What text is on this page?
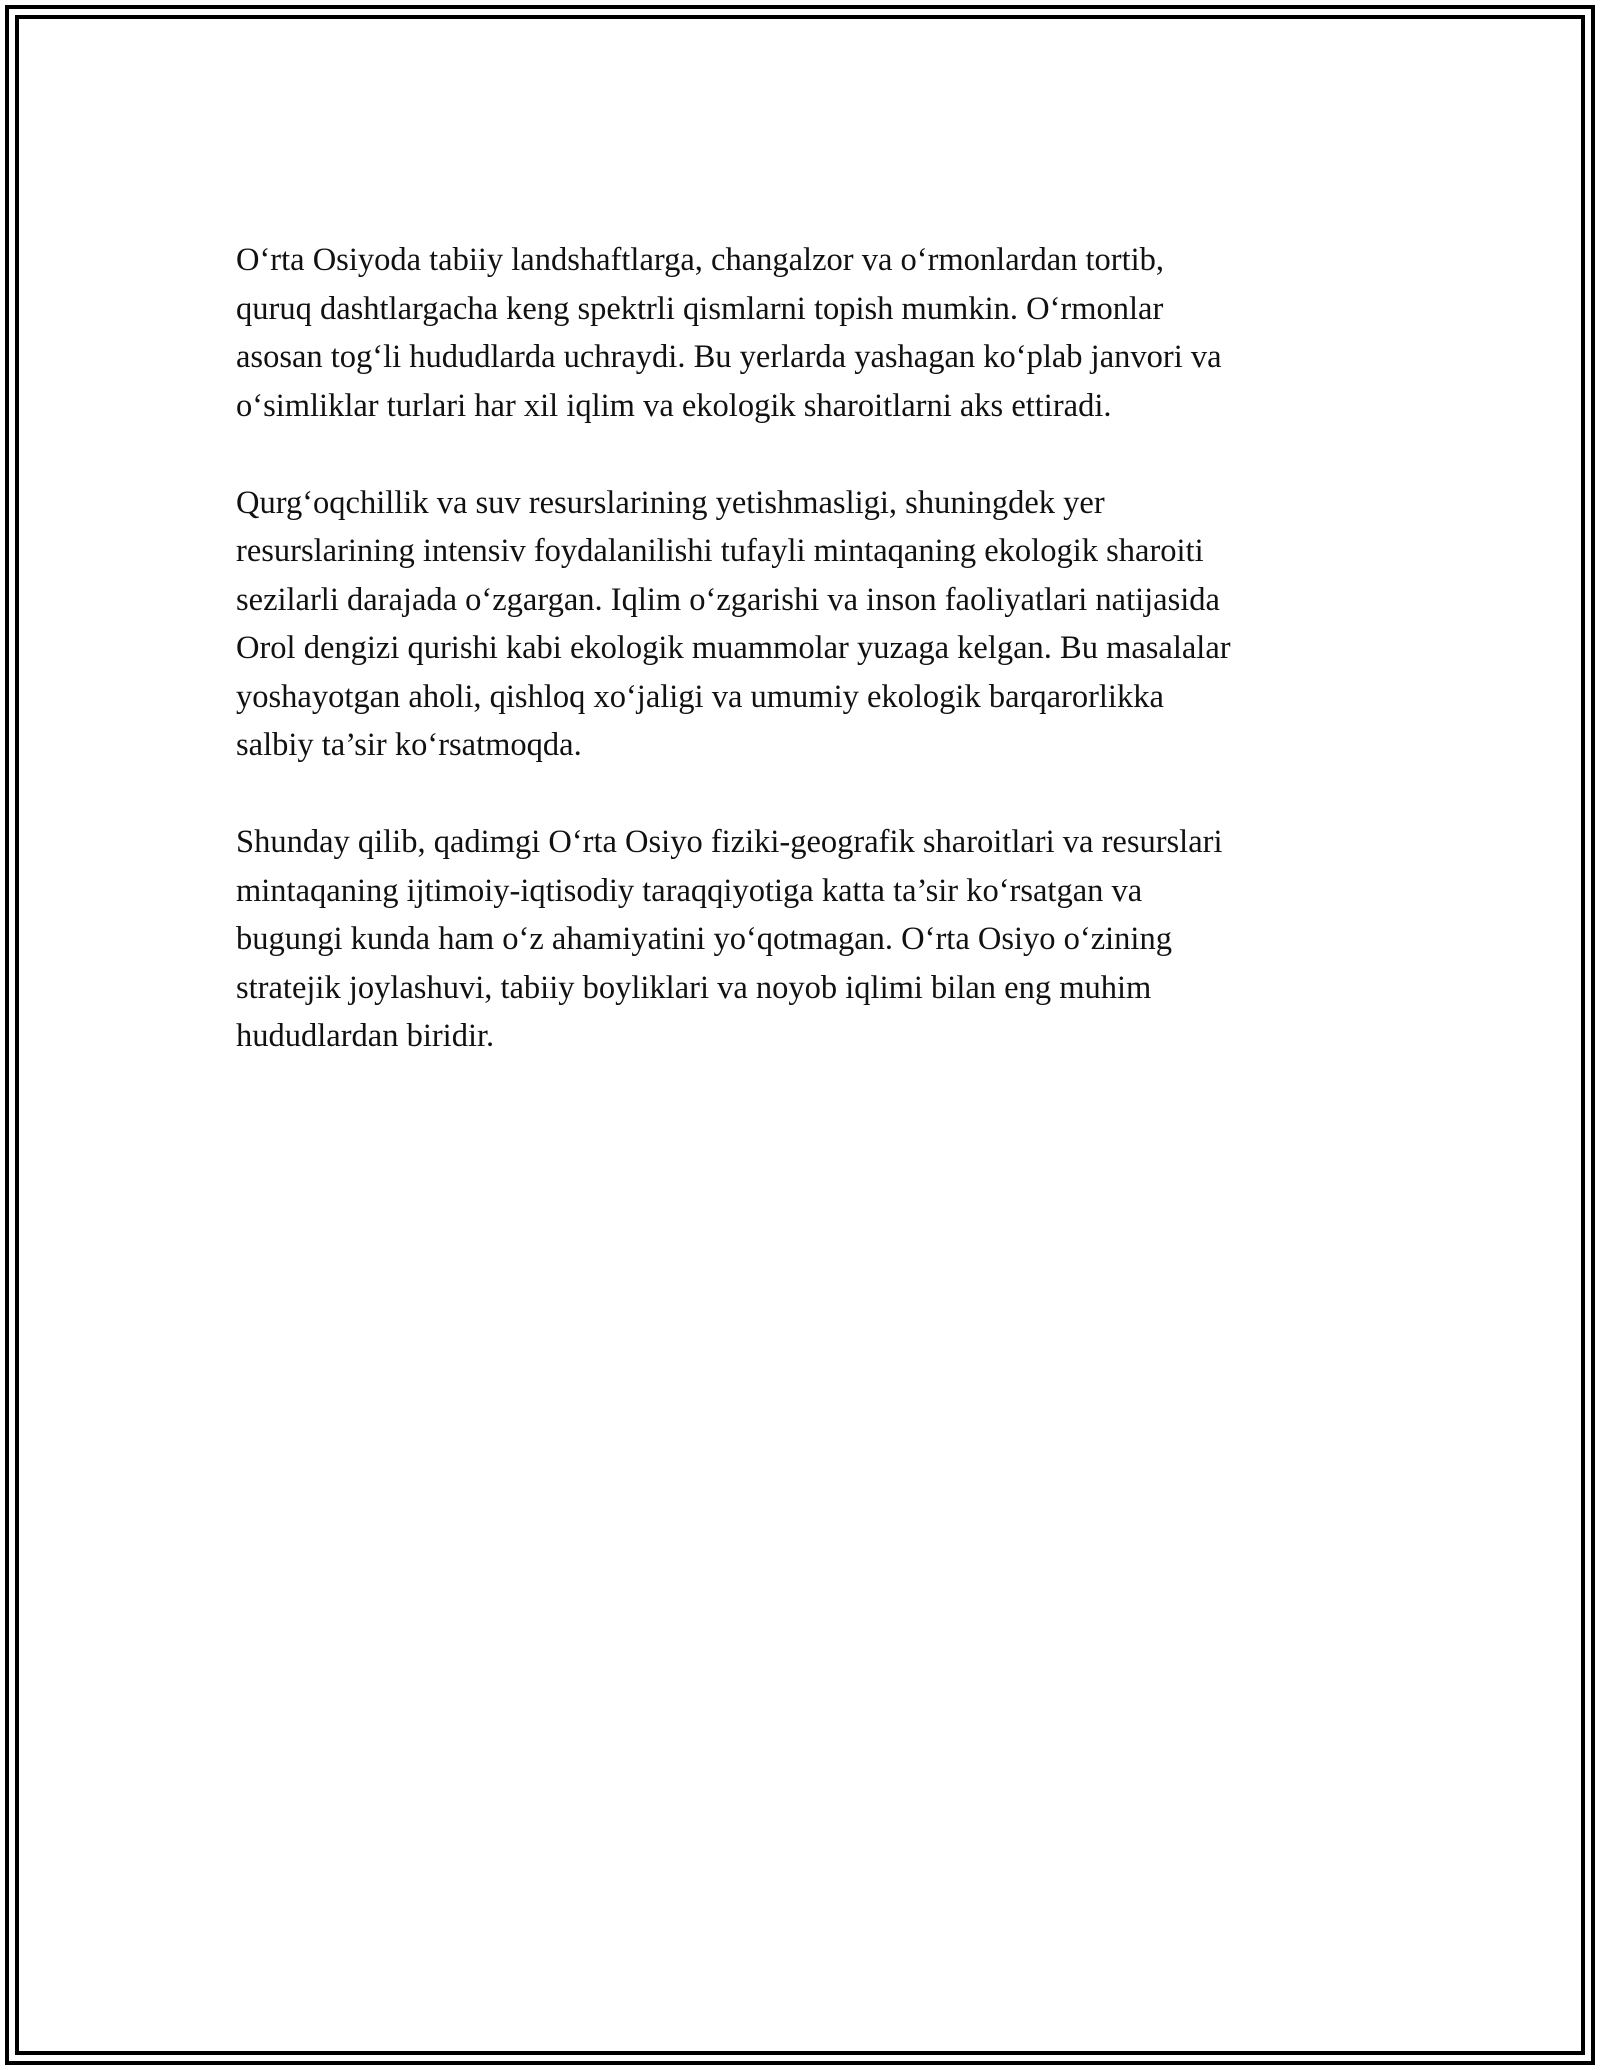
O‘rta Osiyoda tabiiy landshaftlarga, changalzor va o‘rmonlardan tortib,
quruq dashtlargacha keng spektrli qismlarni topish mumkin. O‘rmonlar
asosan tog‘li hududlarda uchraydi. Bu yerlarda yashagan ko‘plab janvori va
o‘simliklar turlari har xil iqlim va ekologik sharoitlarni aks ettiradi.

Qurg‘oqchillik va suv resurslarining yetishmasligi, shuningdek yer
resurslarining intensiv foydalanilishi tufayli mintaqaning ekologik sharoiti
sezilarli darajada o‘zgargan. Iqlim o‘zgarishi va inson faoliyatlari natijasida
Orol dengizi qurishi kabi ekologik muammolar yuzaga kelgan. Bu masalalar
yoshayotgan aholi, qishloq xo‘jaligi va umumiy ekologik barqarorlikka
salbiy ta’sir ko‘rsatmoqda.

Shunday qilib, qadimgi O‘rta Osiyo fiziki-geografik sharoitlari va resurslari
mintaqaning ijtimoiy-iqtisodiy taraqqiyotiga katta ta’sir ko‘rsatgan va
bugungi kunda ham o‘z ahamiyatini yo‘qotmagan. O‘rta Osiyo o‘zining
stratejik joylashuvi, tabiiy boyliklari va noyob iqlimi bilan eng muhim
hududlardan biridir.
